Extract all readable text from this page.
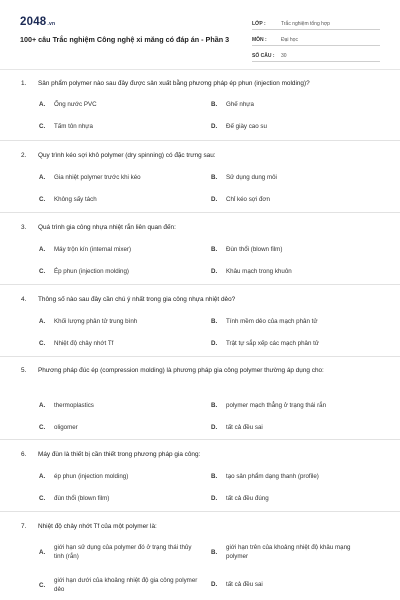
2048.vn
100+ câu Trắc nghiệm Công nghệ xi măng có đáp án - Phần 3
LỚP :	Trắc nghiệm tổng hợp
MÔN :	Đại học
SỐ CÂU :	30
1.	Sản phẩm polymer nào sau đây được sản xuất bằng phương pháp ép phun (injection molding)?
A.	Ống nước PVC	B.	Ghế nhựa
C.	Tấm tôn nhựa	D.	Đế giày cao su
2.	Quy trình kéo sợi khô polymer (dry spinning) có đặc trưng sau:
A.	Gia nhiệt polymer trước khi kéo	B.	Sử dụng dung môi
C.	Không sấy tách	D.	Chỉ kéo sợi đơn
3.	Quá trình gia công nhựa nhiệt rắn liên quan đến:
A.	Máy trộn kín (internal mixer)	B.	Đùn thổi (blown film)
C.	Ép phun (injection molding)	D.	Khâu mạch trong khuôn
4.	Thông số nào sau đây cần chú ý nhất trong gia công nhựa nhiệt dẻo?
A.	Khối lượng phân tử trung bình	B.	Tính mềm dẻo của mạch phân tử
C.	Nhiệt độ chảy nhớt Tf	D.	Trật tự sắp xếp các mạch phân tử
5.	Phương pháp đúc ép (compression molding) là phương pháp gia công polymer thường áp dụng cho:
A.	thermoplastics	B.	polymer mạch thẳng ở trạng thái rắn
C.	oligomer	D.	tất cả đều sai
6.	Máy đùn là thiết bị cần thiết trong phương pháp gia công:
A.	ép phun (injection molding)	B.	tạo sản phẩm dạng thanh (profile)
C.	đùn thổi (blown film)	D.	tất cả đều đúng
7.	Nhiệt độ chảy nhớt Tf của một polymer là:
A.
giới hạn sử dụng của polymer đó ở trạng thái thủy tinh (rắn)
B.
giới hạn trên của khoảng nhiệt độ khâu mạng polymer
C.
giới hạn dưới của khoảng nhiệt độ gia công polymer dẻo
D.	tất cả đều sai
